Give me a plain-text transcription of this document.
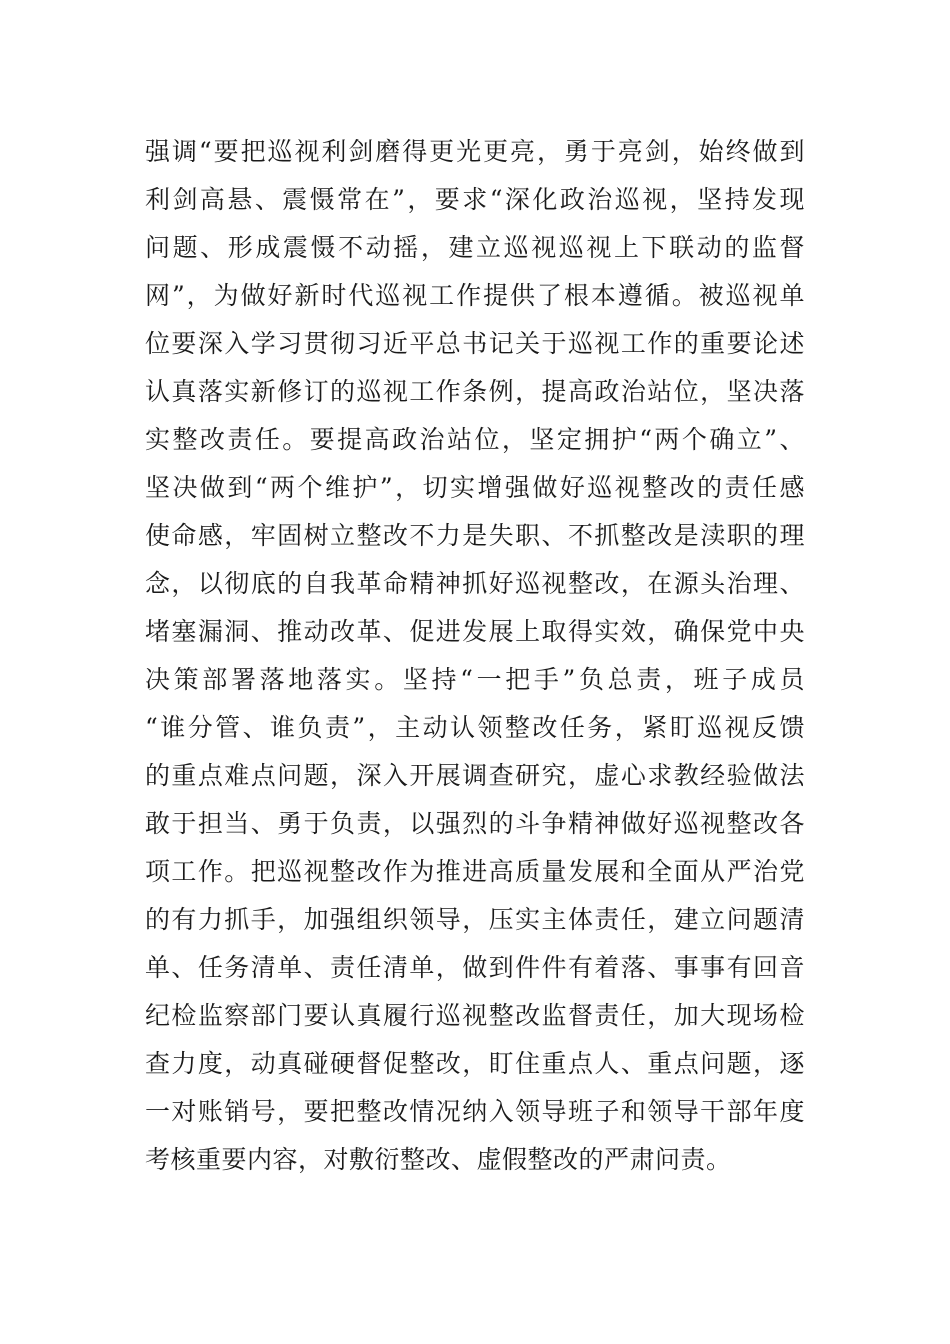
强调“要把巡视利剑磨得更光更亮，勇于亮剑，始终做到
利剑高悬、震慑常在”，要求“深化政治巡视，坚持发现
问题、形成震慑不动摇，建立巡视巡视上下联动的监督
网”，为做好新时代巡视工作提供了根本遵循。被巡视单
位要深入学习贯彻习近平总书记关于巡视工作的重要论述
认真落实新修订的巡视工作条例，提高政治站位，坚决落
实整改责任。要提高政治站位，坚定拥护“两个确立”、
坚决做到“两个维护”，切实增强做好巡视整改的责任感
使命感，牢固树立整改不力是失职、不抓整改是渎职的理
念，以彻底的自我革命精神抓好巡视整改，在源头治理、
堵塞漏洞、推动改革、促进发展上取得实效，确保党中央
决策部署落地落实。坚持“一把手”负总责，班子成员
“谁分管、谁负责”，主动认领整改任务，紧盯巡视反馈
的重点难点问题，深入开展调查研究，虚心求教经验做法
敢于担当、勇于负责，以强烈的斗争精神做好巡视整改各
项工作。把巡视整改作为推进高质量发展和全面从严治党
的有力抓手，加强组织领导，压实主体责任，建立问题清
单、任务清单、责任清单，做到件件有着落、事事有回音
纪检监察部门要认真履行巡视整改监督责任，加大现场检
查力度，动真碰硬督促整改，盯住重点人、重点问题，逐
一对账销号，要把整改情况纳入领导班子和领导干部年度
考核重要内容，对敷衍整改、虚假整改的严肃问责。
